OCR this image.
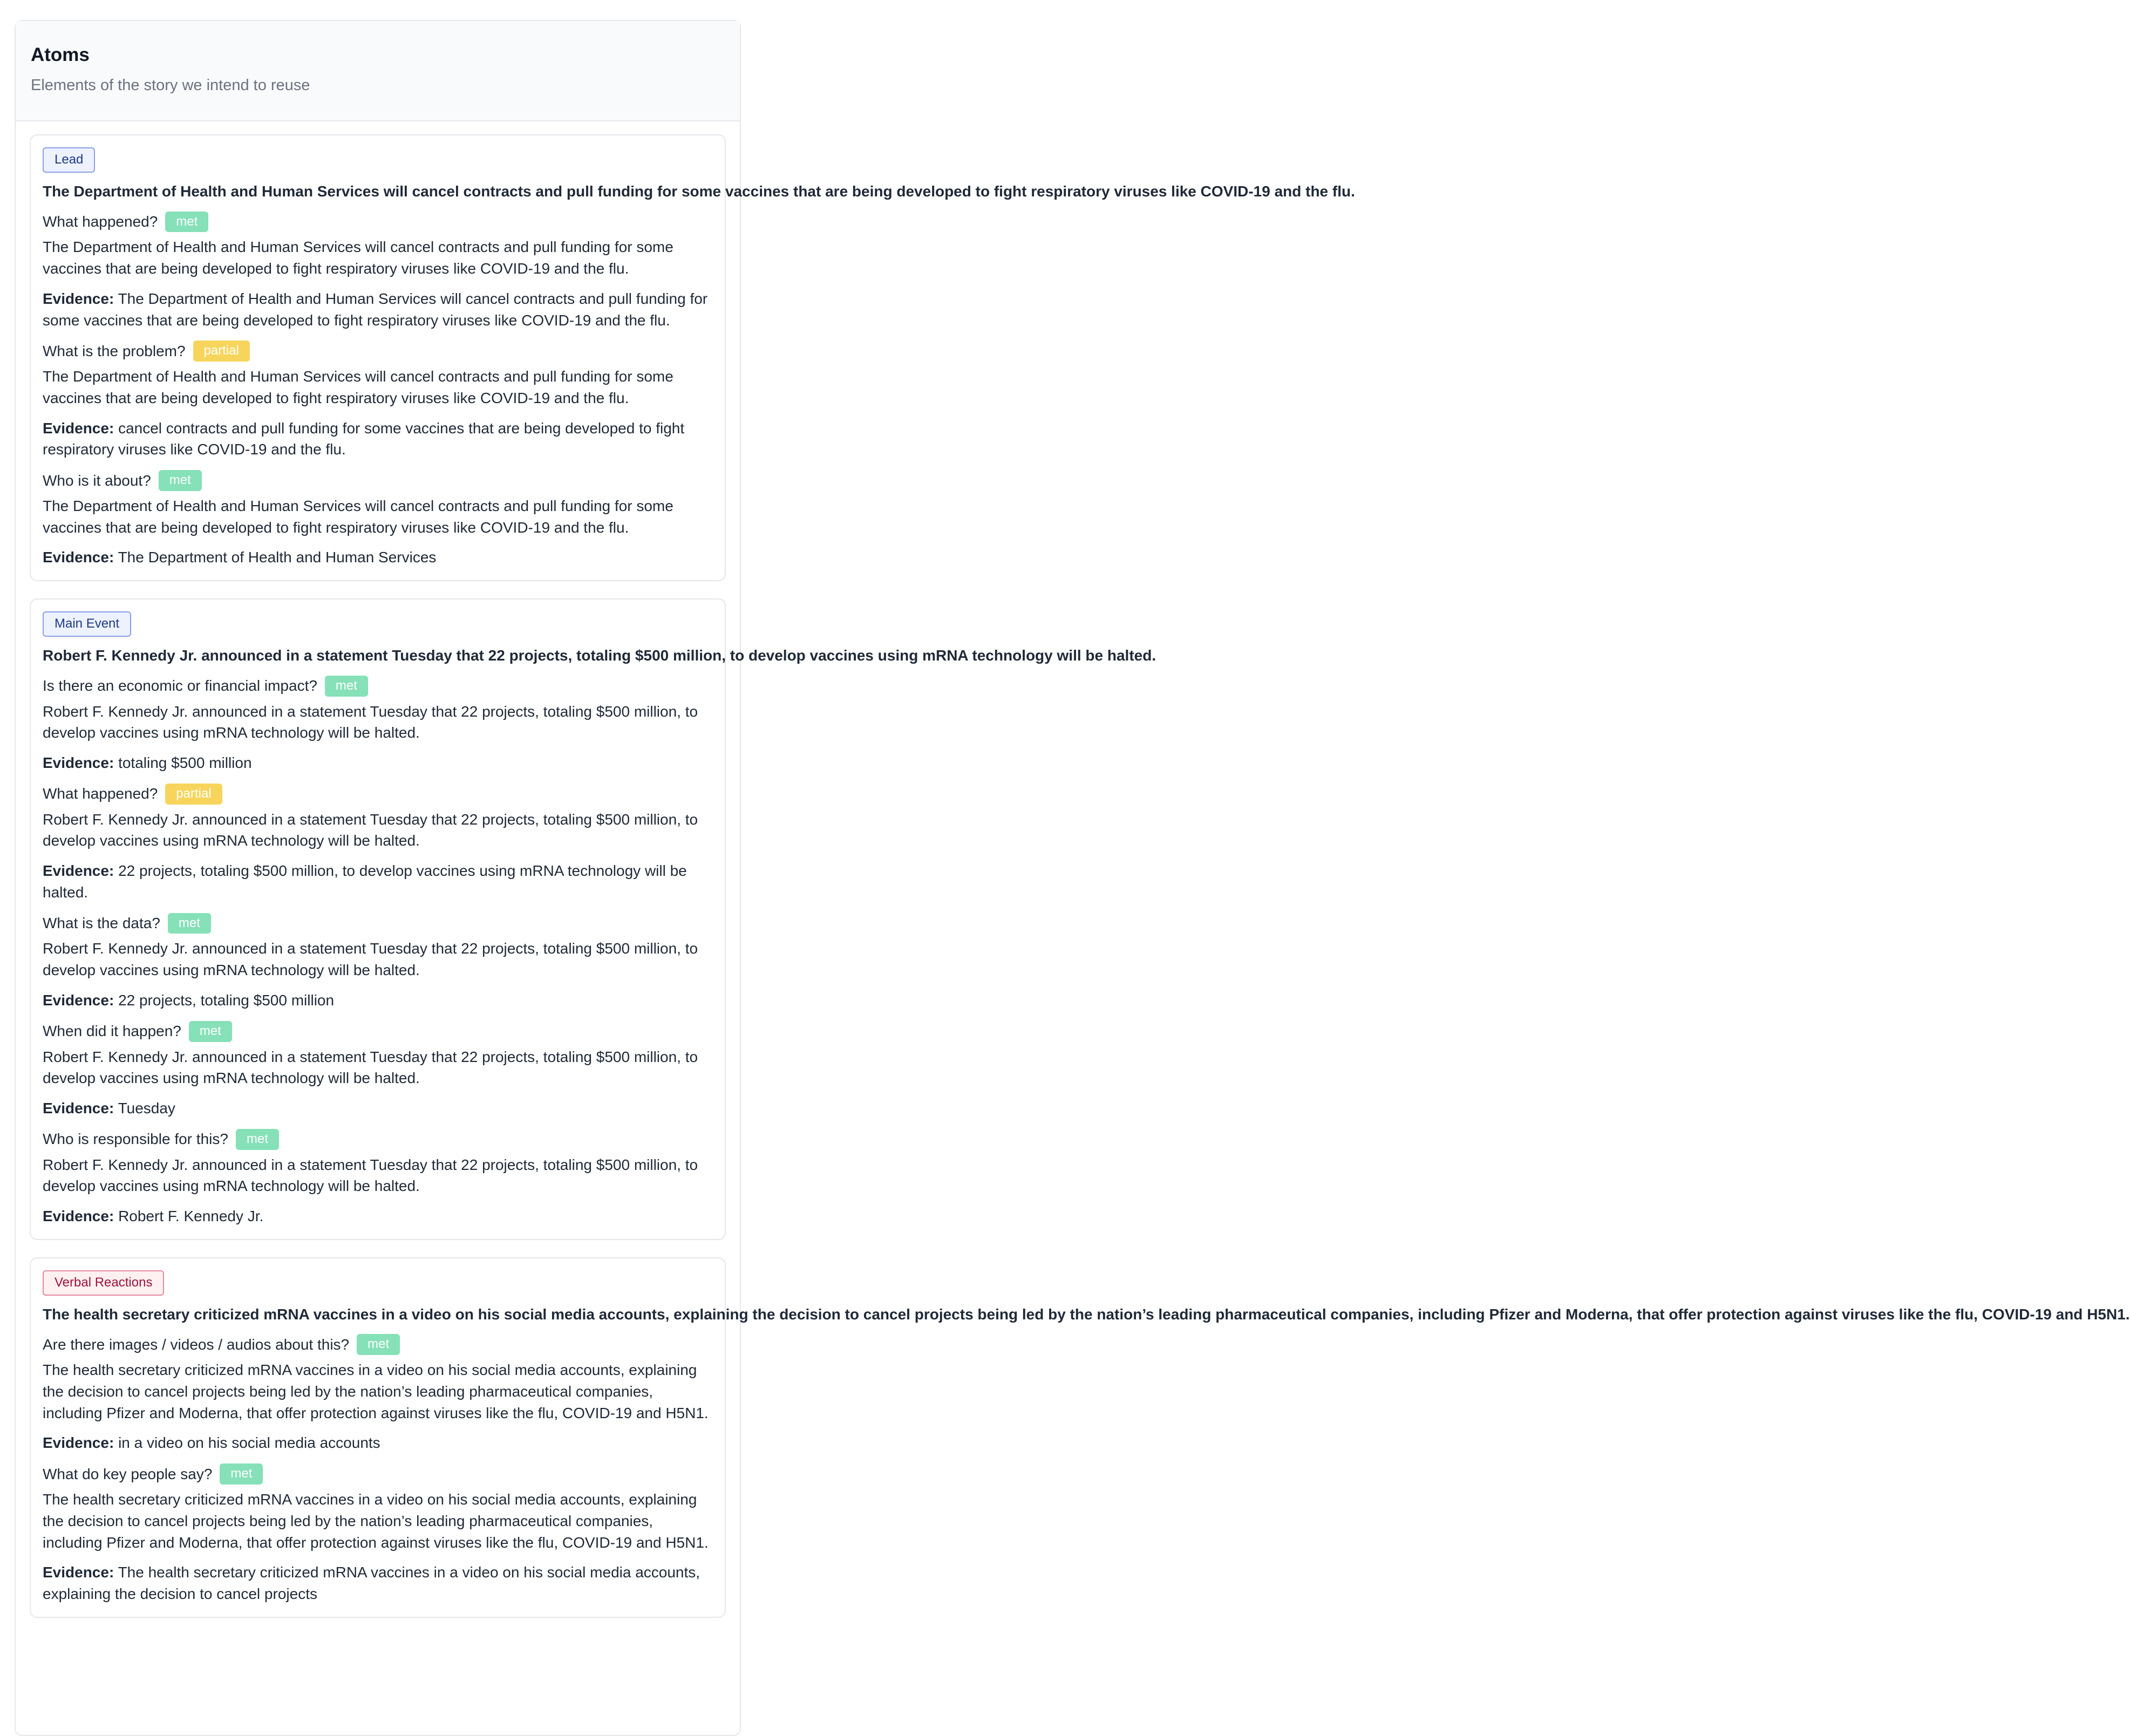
Atoms
Elements of the story we intend to reuse
Lead
The Department of Health and Human Services will cancel contracts and pull funding for some vaccines that are being developed to fight respiratory viruses like COVID-19 and the flu.
What happened?	met
The Department of Health and Human Services will cancel contracts and pull funding for some vaccines that are being developed to fight respiratory viruses like COVID-19 and the flu.
Evidence: The Department of Health and Human Services will cancel contracts and pull funding for some vaccines that are being developed to fight respiratory viruses like COVID-19 and the flu.
What is the problem?	partial
The Department of Health and Human Services will cancel contracts and pull funding for some vaccines that are being developed to fight respiratory viruses like COVID-19 and the flu.
Evidence: cancel contracts and pull funding for some vaccines that are being developed to fight respiratory viruses like COVID-19 and the flu.
Who is it about?	met
The Department of Health and Human Services will cancel contracts and pull funding for some vaccines that are being developed to fight respiratory viruses like COVID-19 and the flu.
Evidence: The Department of Health and Human Services
Main Event
Robert F. Kennedy Jr. announced in a statement Tuesday that 22 projects, totaling $500 million, to develop vaccines using mRNA technology will be halted.
Is there an economic or financial impact?	met
Robert F. Kennedy Jr. announced in a statement Tuesday that 22 projects, totaling $500 million, to develop vaccines using mRNA technology will be halted.
Evidence: totaling $500 million
What happened?	partial
Robert F. Kennedy Jr. announced in a statement Tuesday that 22 projects, totaling $500 million, to develop vaccines using mRNA technology will be halted.
Evidence: 22 projects, totaling $500 million, to develop vaccines using mRNA technology will be halted.
What is the data?	met
Robert F. Kennedy Jr. announced in a statement Tuesday that 22 projects, totaling $500 million, to develop vaccines using mRNA technology will be halted.
Evidence: 22 projects, totaling $500 million
When did it happen?	met
Robert F. Kennedy Jr. announced in a statement Tuesday that 22 projects, totaling $500 million, to develop vaccines using mRNA technology will be halted.
Evidence: Tuesday
Who is responsible for this?	met
Robert F. Kennedy Jr. announced in a statement Tuesday that 22 projects, totaling $500 million, to develop vaccines using mRNA technology will be halted.
Evidence: Robert F. Kennedy Jr.
Verbal Reactions
The health secretary criticized mRNA vaccines in a video on his social media accounts, explaining the decision to cancel projects being led by the nation’s leading pharmaceutical companies, including Pfizer and Moderna, that offer protection against viruses like the flu, COVID-19 and H5N1.
Are there images / videos / audios about this?	met
The health secretary criticized mRNA vaccines in a video on his social media accounts, explaining the decision to cancel projects being led by the nation’s leading pharmaceutical companies, including Pfizer and Moderna, that offer protection against viruses like the flu, COVID-19 and H5N1.
Evidence: in a video on his social media accounts
What do key people say?	met
The health secretary criticized mRNA vaccines in a video on his social media accounts, explaining the decision to cancel projects being led by the nation’s leading pharmaceutical companies, including Pfizer and Moderna, that offer protection against viruses like the flu, COVID-19 and H5N1.
Evidence: The health secretary criticized mRNA vaccines in a video on his social media accounts, explaining the decision to cancel projects
